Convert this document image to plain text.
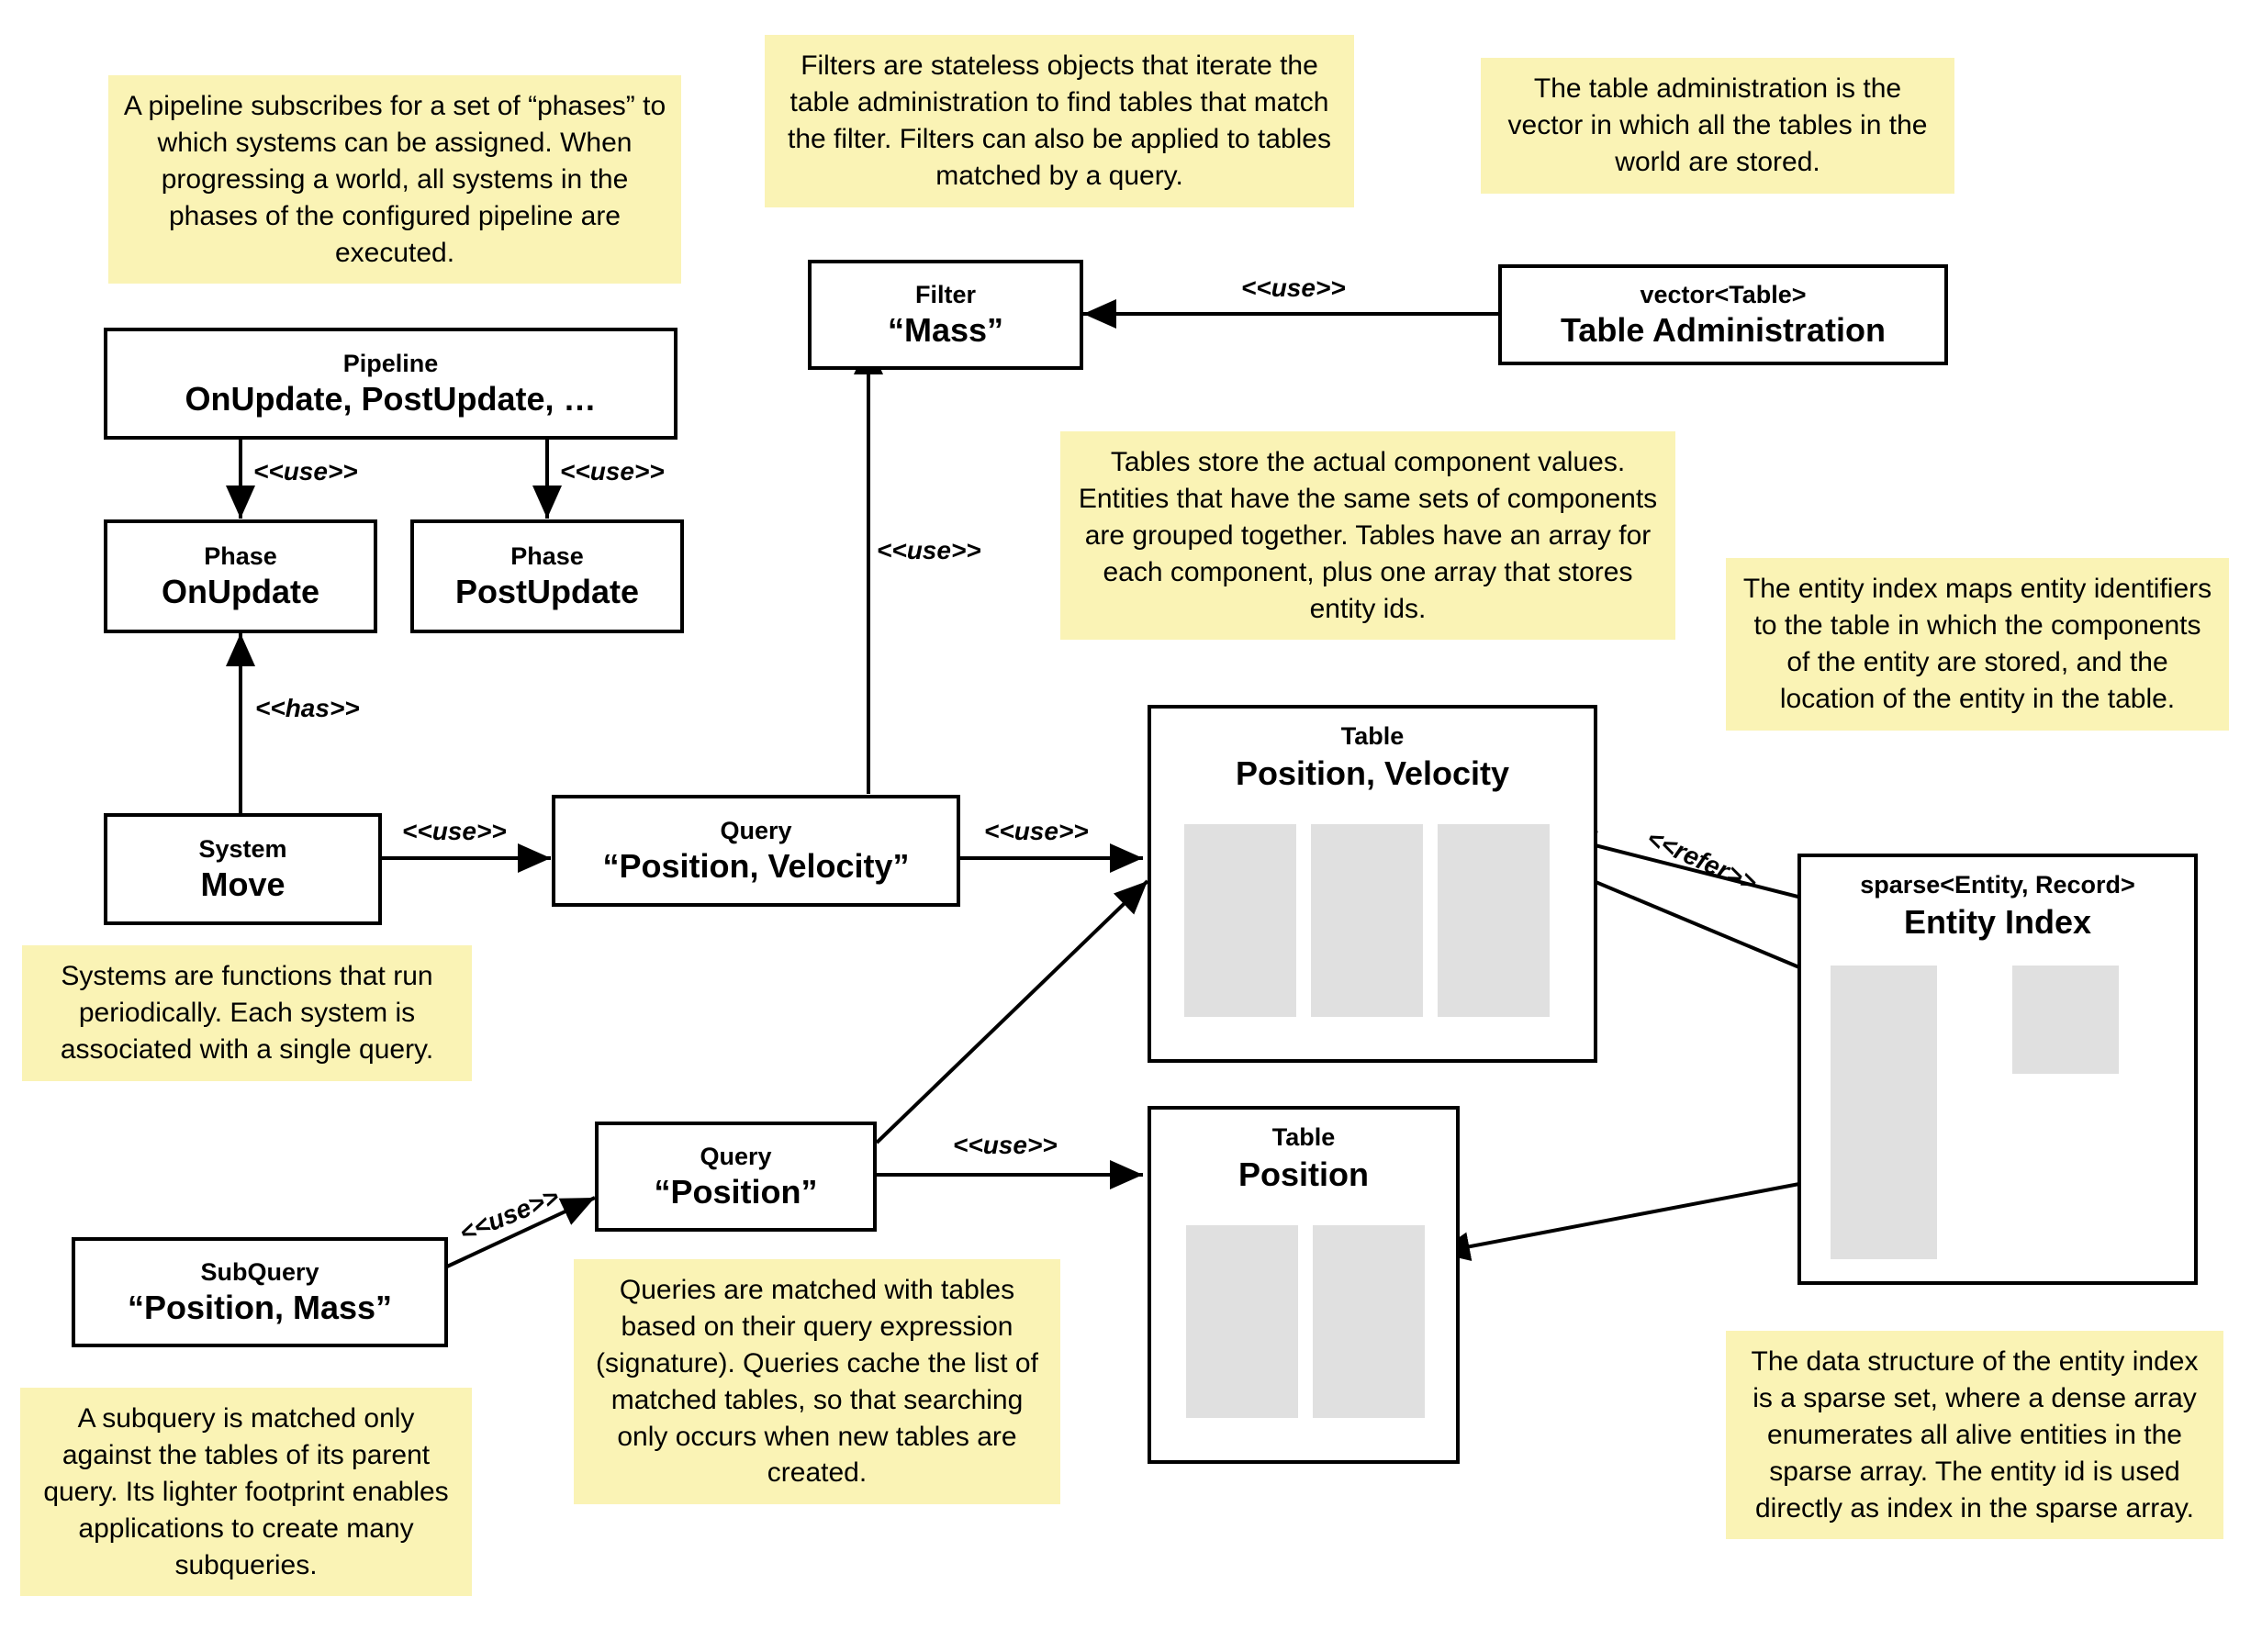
A pipeline subscribes for a set of “phases” to which systems can be assigned. When progressing a world, all systems in the phases of the configured pipeline are executed.
Filters are stateless objects that iterate the table administration to find tables that match the filter. Filters can also be applied to tables matched by a query.
The table administration is the vector in which all the tables in the world are stored.
Tables store the actual component values. Entities that have the same sets of components are grouped together. Tables have an array for each component, plus one array that stores entity ids.
The entity index maps entity identifiers to the table in which the components of the entity are stored, and the location of the entity in the table.
Systems are functions that run periodically. Each system is associated with a single query.
Queries are matched with tables based on their query expression (signature). Queries cache the list of matched tables, so that searching only occurs when new tables are created.
A subquery is matched only against the tables of its parent query. Its lighter footprint enables applications to create many subqueries.
The data structure of the entity index is a sparse set, where a dense array enumerates all alive entities in the sparse array. The entity id is used directly as index in the sparse array.
Pipeline
OnUpdate, PostUpdate, …
Phase
OnUpdate
Phase
PostUpdate
System
Move
Query
“Position, Velocity”
Query
“Position”
SubQuery
“Position, Mass”
Filter
“Mass”
vector<Table>
Table Administration
Table
Position, Velocity
Table
Position
sparse<Entity, Record>
Entity Index
<<use>>	<<use>>
<<has>>
<<use>>
<<use>>
<<use>>
<<use>>
<<use>>
<<use>>
<<refer>>
